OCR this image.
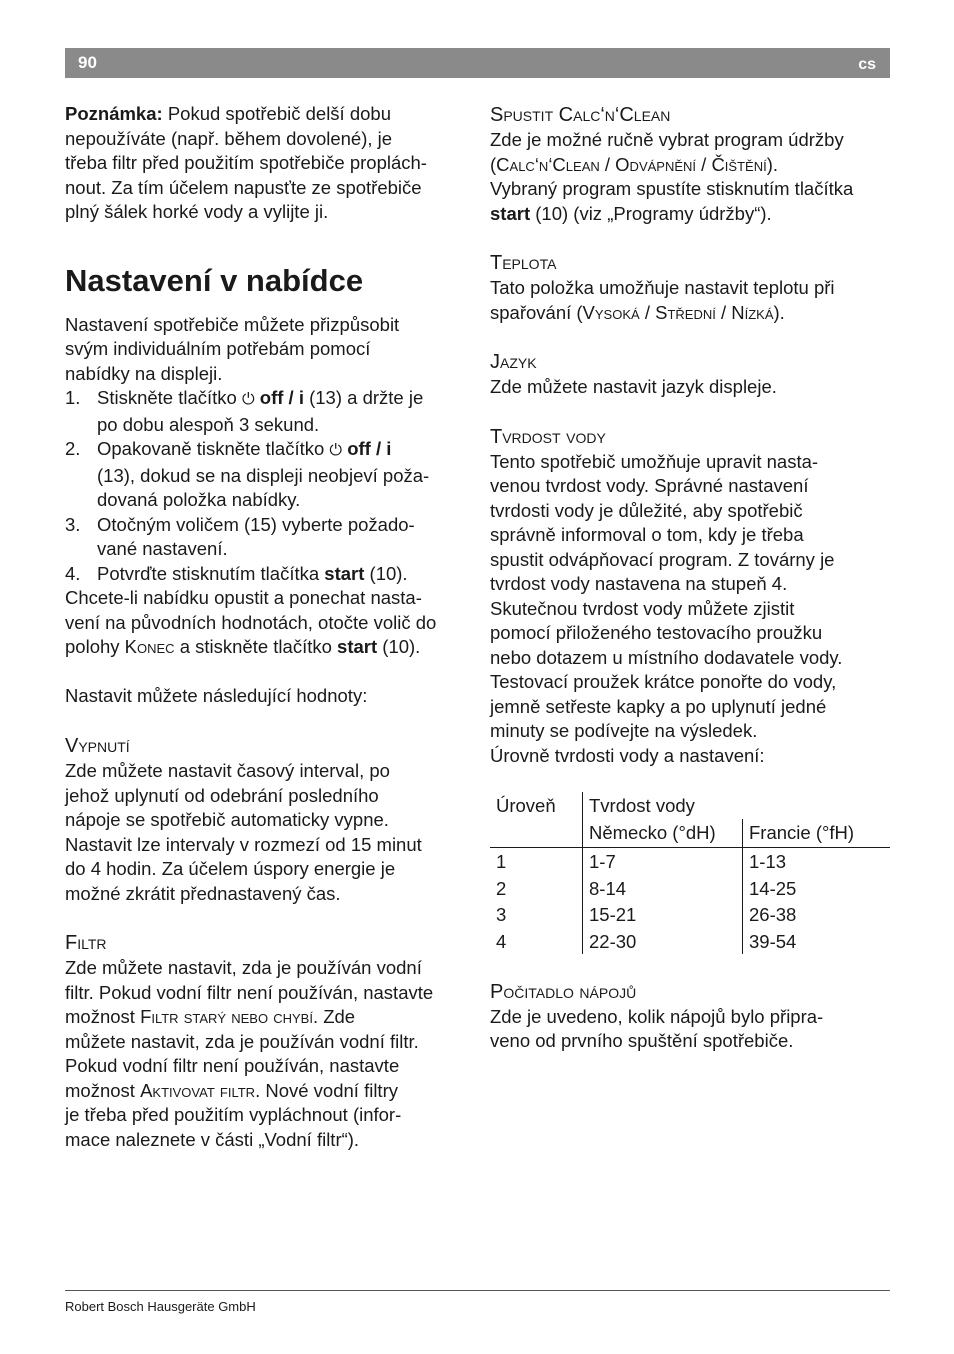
90	cs

Poznámka: Pokud spotřebič delší dobu

nepoužíváte (např. během dovolené), je

třeba filtr před použitím spotřebiče proplách-

nout. Za tím účelem napusťte ze spotřebiče

plný šálek horké vody a vylijte ji.

Nastavení v nabídce

Nastavení spotřebiče můžete přizpůsobit

svým individuálním potřebám pomocí

nabídky na displeji.

1. Stiskněte tlačítko ⏻ off / i (13) a držte je
po dobu alespoň 3 sekund.
2. Opakovaně tiskněte tlačítko ⏻ off / i
(13), dokud se na displeji neobjeví poža-
dovaná položka nabídky.
3. Otočným voličem (15) vyberte požado-
vané nastavení.
4. Potvrďte stisknutím tlačítka start (10).

Chcete-li nabídku opustit a ponechat nasta-

vení na původních hodnotách, otočte volič do

polohy Konec a stiskněte tlačítko start (10).

Nastavit můžete následující hodnoty:

Vypnutí

Zde můžete nastavit časový interval, po

jehož uplynutí od odebrání posledního

nápoje se spotřebič automaticky vypne.

Nastavit lze intervaly v rozmezí od 15 minut

do 4 hodin. Za účelem úspory energie je

možné zkrátit přednastavený čas.

Filtr

Zde můžete nastavit, zda je používán vodní

filtr. Pokud vodní filtr není používán, nastavte

možnost Filtr starý nebo chybí. Zde

můžete nastavit, zda je používán vodní filtr.

Pokud vodní filtr není používán, nastavte

možnost Aktivovat filtr. Nové vodní filtry

je třeba před použitím vypláchnout (infor-

mace naleznete v části „Vodní filtr“).

Spustit Calc‘n‘Clean

Zde je možné ručně vybrat program údržby

(Calc‘n‘Clean / Odvápnění / Čištění).

Vybraný program spustíte stisknutím tlačítka

start (10) (viz „Programy údržby“).

Teplota

Tato položka umožňuje nastavit teplotu při

spařování (Vysoká / Střední / Nízká).

Jazyk

Zde můžete nastavit jazyk displeje.

Tvrdost vody

Tento spotřebič umožňuje upravit nasta-

venou tvrdost vody. Správné nastavení

tvrdosti vody je důležité, aby spotřebič

správně informoval o tom, kdy je třeba

spustit odvápňovací program. Z továrny je

tvrdost vody nastavena na stupeň 4.

Skutečnou tvrdost vody můžete zjistit

pomocí přiloženého testovacího proužku

nebo dotazem u místního dodavatele vody.

Testovací proužek krátce ponořte do vody,

jemně setřeste kapky a po uplynutí jedné

minuty se podívejte na výsledek.

Úrovně tvrdosti vody a nastavení:

Úroveň	Tvrdost vody	
	Německo (°dH)	Francie (°fH)
1	1-7	1-13
2	8-14	14-25
3	15-21	26-38
4	22-30	39-54
Počitadlo nápojů

Zde je uvedeno, kolik nápojů bylo připra-

veno od prvního spuštění spotřebiče.

Robert Bosch Hausgeräte GmbH
